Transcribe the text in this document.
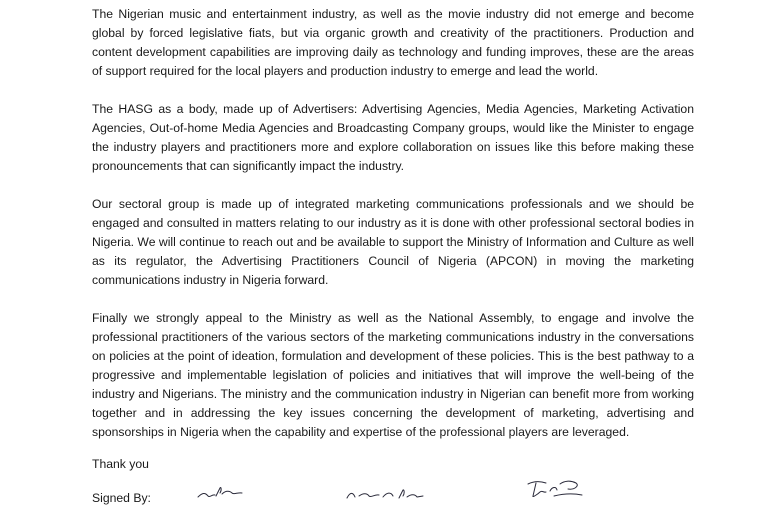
The Nigerian music and entertainment industry, as well as the movie industry did not emerge and become global by forced legislative fiats, but via organic growth and creativity of the practitioners. Production and content development capabilities are improving daily as technology and funding improves, these are the areas of support required for the local players and production industry to emerge and lead the world.

The HASG as a body, made up of Advertisers: Advertising Agencies, Media Agencies, Marketing Activation Agencies, Out-of-home Media Agencies and Broadcasting Company groups, would like the Minister to engage the industry players and practitioners more and explore collaboration on issues like this before making these pronouncements that can significantly impact the industry.

Our sectoral group is made up of integrated marketing communications professionals and we should be engaged and consulted in matters relating to our industry as it is done with other professional sectoral bodies in Nigeria. We will continue to reach out and be available to support the Ministry of Information and Culture as well as its regulator, the Advertising Practitioners Council of Nigeria (APCON) in moving the marketing communications industry in Nigeria forward.

Finally we strongly appeal to the Ministry as well as the National Assembly, to engage and involve the professional practitioners of the various sectors of the marketing communications industry in the conversations on policies at the point of ideation, formulation and development of these policies. This is the best pathway to a progressive and implementable legislation of policies and initiatives that will improve the well-being of the industry and Nigerians. The ministry and the communication industry in Nigerian can benefit more from working together and in addressing the key issues concerning the development of marketing, advertising and sponsorships in Nigeria when the capability and expertise of the professional players are leveraged.

Thank you

Signed By:
